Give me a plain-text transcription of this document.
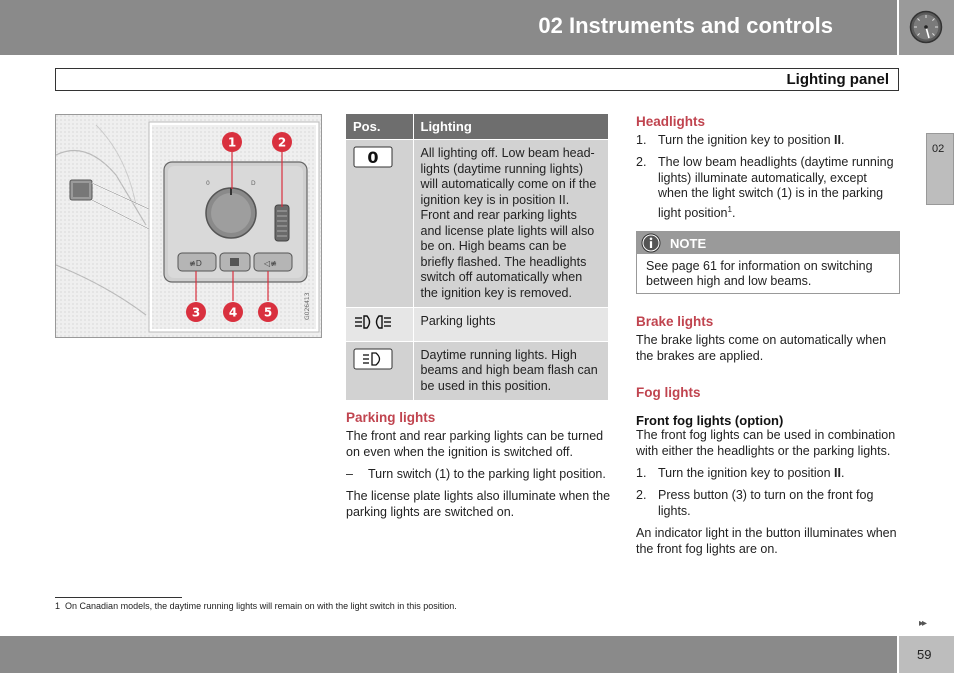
02 Instruments and controls
Lighting panel
02
0	D
≢D	◁≢
1	2
3 4 5	G026413
Pos.	Lighting

0	All lighting off. Low beam head-lights (daytime running lights) will automatically come on if the ignition key is in position II. Front and rear parking lights and license plate lights will also be on. High beams can be briefly flashed. The headlights switch off automatically when the ignition key is removed.
	Parking lights
	Daytime running lights. High beams and high beam flash can be used in this position.
Parking lights
The front and rear parking lights can be turned on even when the ignition is switched off.
– Turn switch (1) to the parking light position.
The license plate lights also illuminate when the parking lights are switched on.
Headlights
1. Turn the ignition key to position II.
2. The low beam headlights (daytime running lights) illuminate automatically, except when the light switch (1) is in the parking light position$^1$.
NOTE
See page 61 for information on switching between high and low beams.
Brake lights
The brake lights come on automatically when the brakes are applied.
Fog lights
Front fog lights (option)
The front fog lights can be used in combination with either the headlights or the parking lights.
1. Turn the ignition key to position II.
2. Press button (3) to turn on the front fog lights.
An indicator light in the button illuminates when the front fog lights are on.
1 On Canadian models, the daytime running lights will remain on with the light switch in this position.
▸▸
59
